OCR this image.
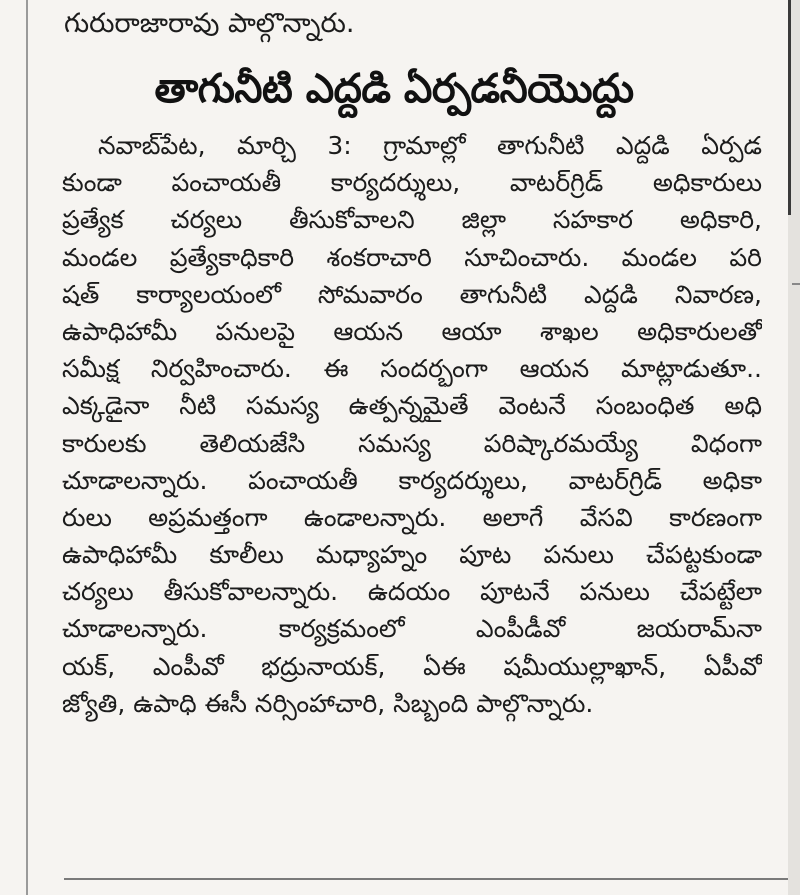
గురురాజారావు పాల్గొన్నారు.
తాగునీటి ఎద్దడి ఏర్పడనీయొద్దు
నవాబ్‌పేట, మార్చి 3: గ్రామాల్లో తాగునీటి ఎద్దడి ఏర్పడ
కుండా పంచాయతీ కార్యదర్శులు, వాటర్‌గ్రిడ్ అధికారులు
ప్రత్యేక చర్యలు తీసుకోవాలని జిల్లా సహకార అధికారి,
మండల ప్రత్యేకాధికారి శంకరాచారి సూచించారు. మండల పరి
షత్ కార్యాలయంలో సోమవారం తాగునీటి ఎద్దడి నివారణ,
ఉపాధిహామీ పనులపై ఆయన ఆయా శాఖల అధికారులతో
సమీక్ష నిర్వహించారు. ఈ సందర్భంగా ఆయన మాట్లాడుతూ..
ఎక్కడైనా నీటి సమస్య ఉత్పన్నమైతే వెంటనే సంబంధిత అధి
కారులకు తెలియజేసి సమస్య పరిష్కారమయ్యే విధంగా
చూడాలన్నారు. పంచాయతీ కార్యదర్శులు, వాటర్‌గ్రిడ్ అధికా
రులు అప్రమత్తంగా ఉండాలన్నారు. అలాగే వేసవి కారణంగా
ఉపాధిహామీ కూలీలు మధ్యాహ్నం పూట పనులు చేపట్టకుండా
చర్యలు తీసుకోవాలన్నారు. ఉదయం పూటనే పనులు చేపట్టేలా
చూడాలన్నారు. కార్యక్రమంలో ఎంపీడీవో జయరామ్‌నా
యక్, ఎంపీవో భద్రునాయక్, ఏఈ షమీయుల్లాఖాన్, ఏపీవో
జ్యోతి, ఉపాధి ఈసీ నర్సింహాచారి, సిబ్బంది పాల్గొన్నారు.
